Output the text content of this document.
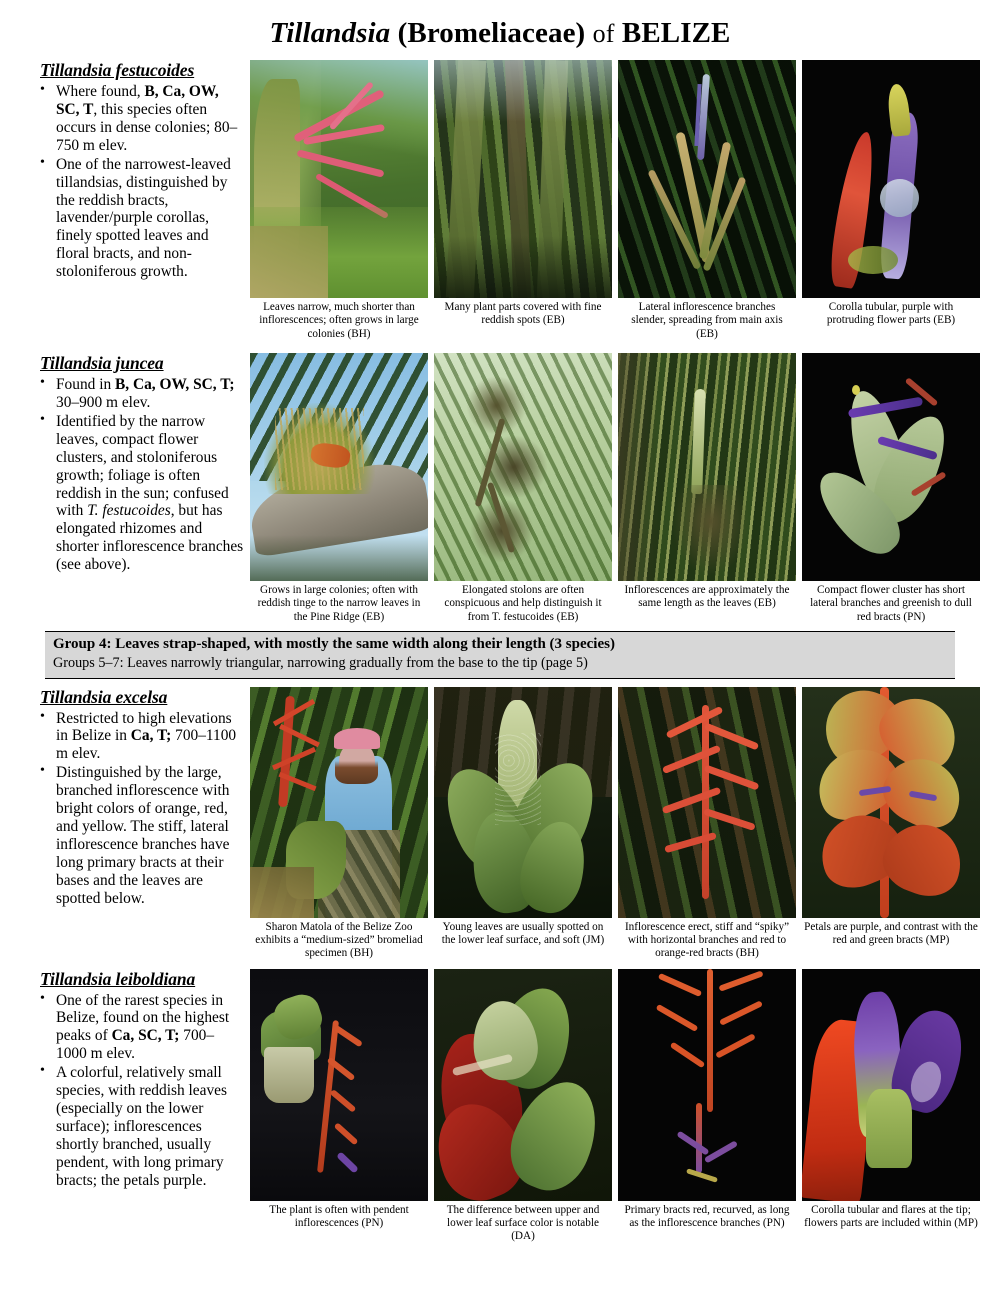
Tillandsia (Bromeliaceae) of BELIZE
Tillandsia festucoides
• Where found, B, Ca, OW, SC, T, this species often occurs in dense colonies; 80–750 m elev.
• One of the narrowest-leaved tillandsias, distinguished by the reddish bracts, lavender/purple corollas, finely spotted leaves and floral bracts, and non-stoloniferous growth.
Leaves narrow, much shorter than inflorescences; often grows in large colonies (BH)
Many plant parts covered with fine reddish spots (EB)
Lateral inflorescence branches slender, spreading from main axis (EB)
Corolla tubular, purple with protruding flower parts (EB)
Tillandsia juncea
• Found in B, Ca, OW, SC, T; 30–900 m elev.
• Identified by the narrow leaves, compact flower clusters, and stoloniferous growth; foliage is often reddish in the sun; confused with T. festucoides, but has elongated rhizomes and shorter inflorescence branches (see above).
Grows in large colonies; often with reddish tinge to the narrow leaves in the Pine Ridge (EB)
Elongated stolons are often conspicuous and help distinguish it from T. festucoides (EB)
Inflorescences are approximately the same length as the leaves (EB)
Compact flower cluster has short lateral branches and greenish to dull red bracts (PN)
Group 4: Leaves strap-shaped, with mostly the same width along their length (3 species)
Groups 5–7: Leaves narrowly triangular, narrowing gradually from the base to the tip (page 5)
Tillandsia excelsa
• Restricted to high elevations in Belize in Ca, T; 700–1100 m elev.
• Distinguished by the large, branched inflorescence with bright colors of orange, red, and yellow. The stiff, lateral inflorescence branches have long primary bracts at their bases and the leaves are spotted below.
Sharon Matola of the Belize Zoo exhibits a “medium-sized” bromeliad specimen (BH)
Young leaves are usually spotted on the lower leaf surface, and soft (JM)
Inflorescence erect, stiff and “spiky” with horizontal branches and red to orange-red bracts (BH)
Petals are purple, and contrast with the red and green bracts (MP)
Tillandsia leiboldiana
• One of the rarest species in Belize, found on the highest peaks of Ca, SC, T; 700–1000 m elev.
• A colorful, relatively small species, with reddish leaves (especially on the lower surface); inflorescences shortly branched, usually pendent, with long primary bracts; the petals purple.
The plant is often with pendent inflorescences (PN)
The difference between upper and lower leaf surface color is notable (DA)
Primary bracts red, recurved, as long as the inflorescence branches (PN)
Corolla tubular and flares at the tip; flowers parts are included within (MP)
